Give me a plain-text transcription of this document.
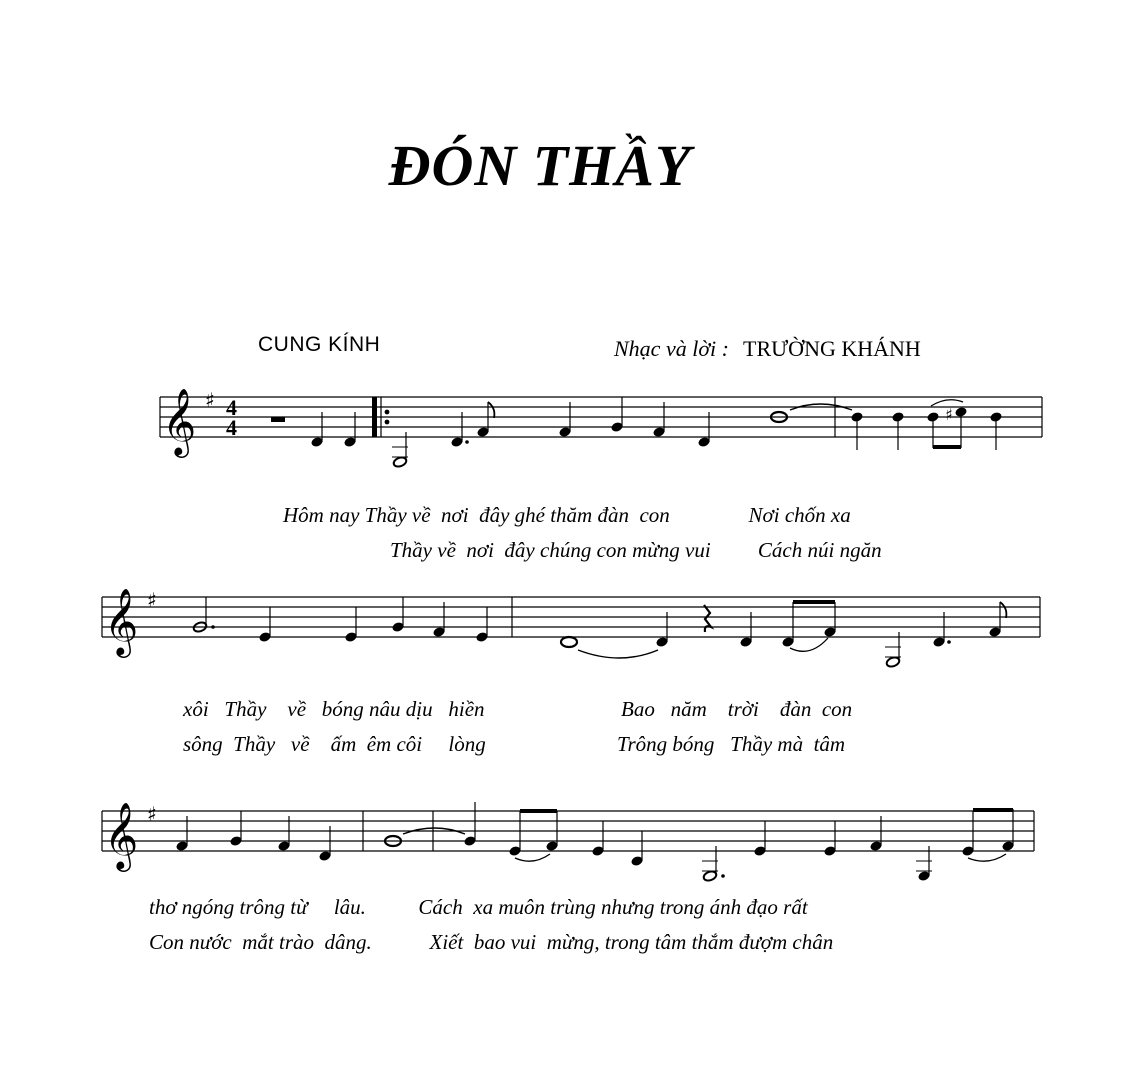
ĐÓN THẦY
CUNG KÍNH	Nhạc và lời : TRƯỜNG KHÁNH
𝄞 ♯ 4
4
♯
Hôm nay Thầy về  nơi  đây ghé thăm đàn  con               Nơi chốn xa
Thầy về  nơi  đây chúng con mừng vui         Cách núi ngăn
𝄞 ♯
xôi   Thầy    về   bóng nâu dịu   hiền                          Bao   năm    trời    đàn  con
sông  Thầy   về    ấm  êm côi     lòng                         Trông bóng   Thầy mà  tâm
𝄞 ♯
thơ ngóng trông từ     lâu.          Cách  xa muôn trùng nhưng trong ánh đạo rất
Con nước  mắt trào  dâng.           Xiết  bao vui  mừng, trong tâm thắm đượm chân
